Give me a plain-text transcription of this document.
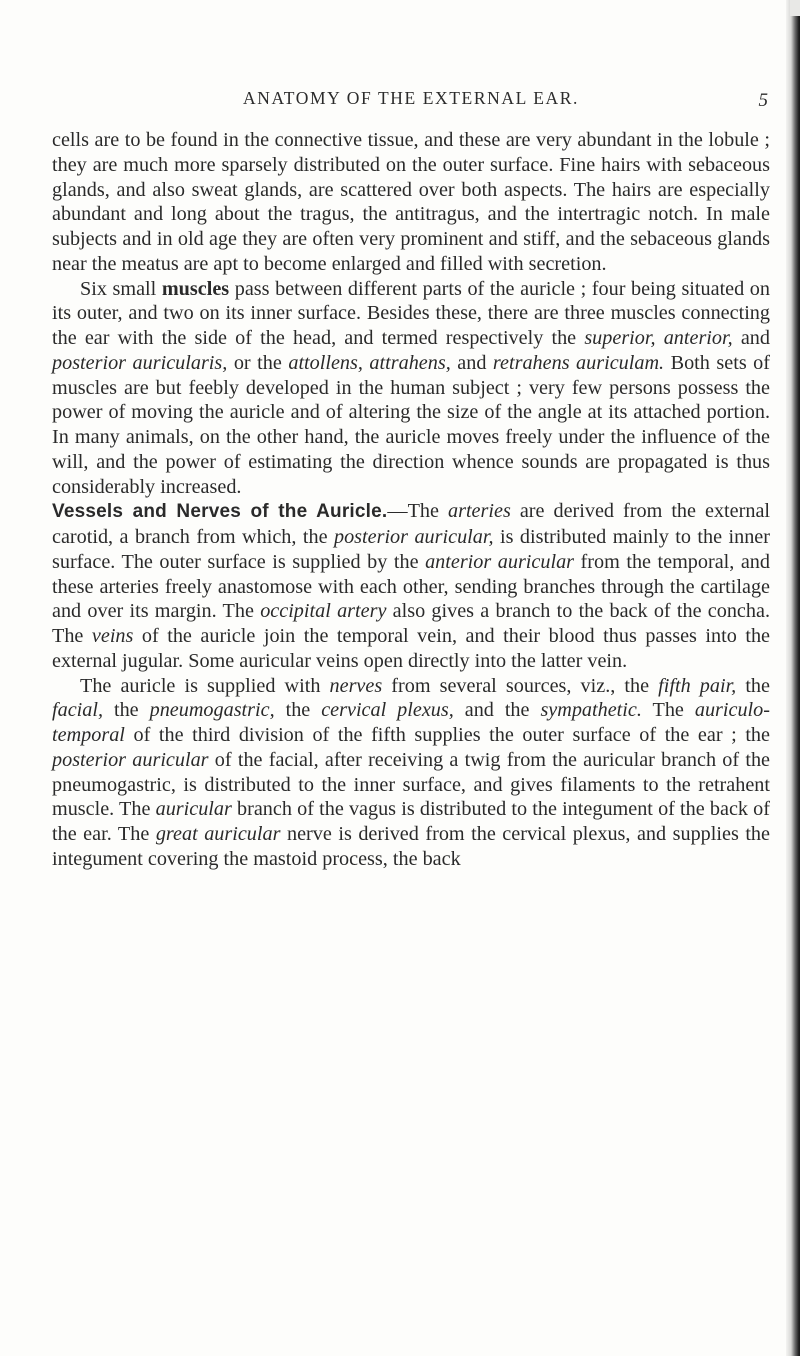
ANATOMY OF THE EXTERNAL EAR.	5

cells are to be found in the connective tissue, and these are very abundant in the lobule ; they are much more sparsely distributed on the outer surface. Fine hairs with sebaceous glands, and also sweat glands, are scattered over both aspects. The hairs are especially abundant and long about the tragus, the antitragus, and the intertragic notch. In male subjects and in old age they are often very prominent and stiff, and the sebaceous glands near the meatus are apt to become enlarged and filled with secretion.

Six small muscles pass between different parts of the auricle ; four being situated on its outer, and two on its inner surface. Besides these, there are three muscles connecting the ear with the side of the head, and termed respectively the superior, anterior, and posterior auricularis, or the attollens, attrahens, and retrahens auriculam. Both sets of muscles are but feebly developed in the human subject ; very few persons possess the power of moving the auricle and of altering the size of the angle at its attached portion. In many animals, on the other hand, the auricle moves freely under the influence of the will, and the power of estimating the direction whence sounds are propagated is thus considerably increased.

Vessels and Nerves of the Auricle.—The arteries are derived from the external carotid, a branch from which, the posterior auricular, is distributed mainly to the inner surface. The outer surface is supplied by the anterior auricular from the temporal, and these arteries freely anastomose with each other, sending branches through the cartilage and over its margin. The occipital artery also gives a branch to the back of the concha. The veins of the auricle join the temporal vein, and their blood thus passes into the external jugular. Some auricular veins open directly into the latter vein.

The auricle is supplied with nerves from several sources, viz., the fifth pair, the facial, the pneumogastric, the cervical plexus, and the sympathetic. The auriculo-temporal of the third division of the fifth supplies the outer surface of the ear ; the posterior auricular of the facial, after receiving a twig from the auricular branch of the pneumogastric, is distributed to the inner surface, and gives filaments to the retrahent muscle. The auricular branch of the vagus is distributed to the integument of the back of the ear. The great auricular nerve is derived from the cervical plexus, and supplies the integument covering the mastoid process, the back
